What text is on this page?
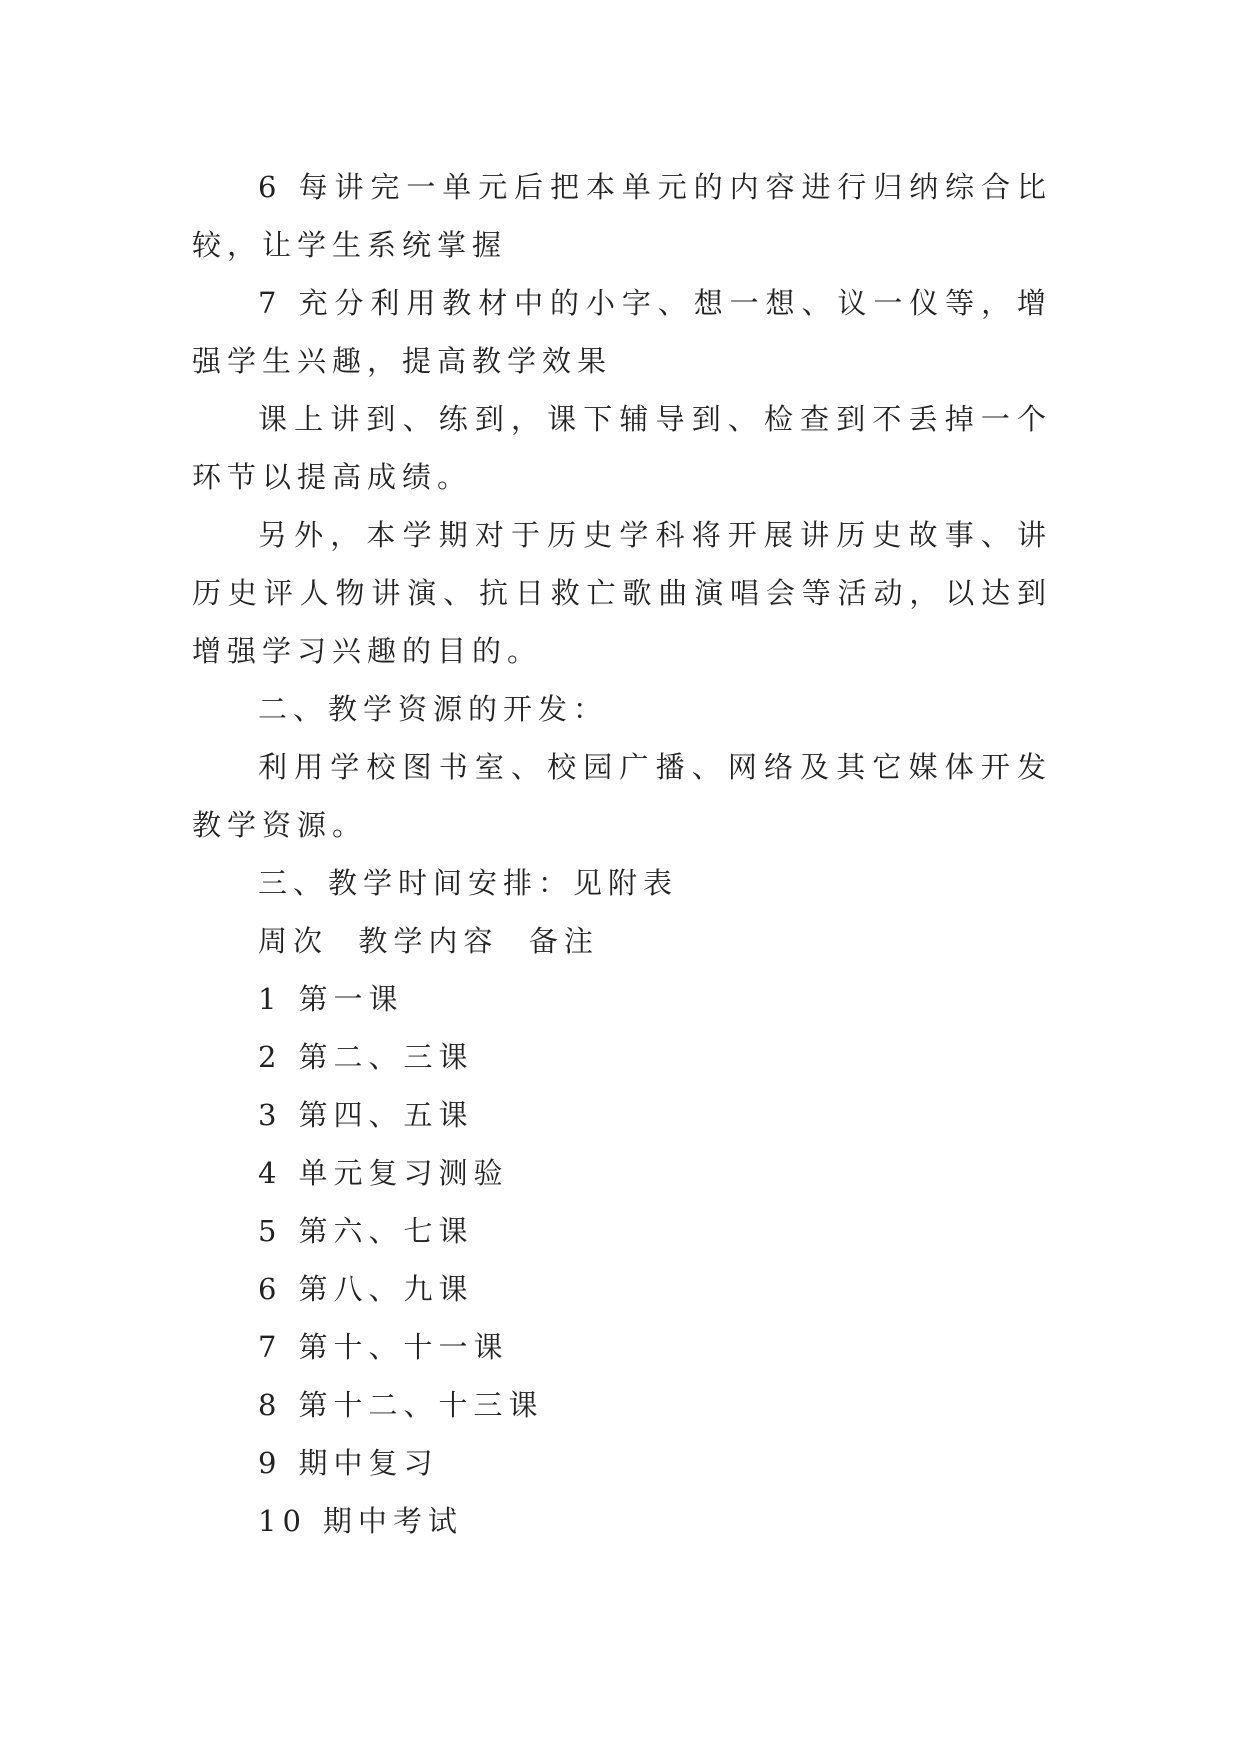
6 每讲完一单元后把本单元的内容进行归纳综合比较，让学生系统掌握

7 充分利用教材中的小字、想一想、议一仪等，增强学生兴趣，提高教学效果

课上讲到、练到，课下辅导到、检查到不丢掉一个环节以提高成绩。

另外，本学期对于历史学科将开展讲历史故事、讲历史评人物讲演、抗日救亡歌曲演唱会等活动，以达到增强学习兴趣的目的。

二、教学资源的开发：

利用学校图书室、校园广播、网络及其它媒体开发教学资源。

三、教学时间安排：见附表

周次  教学内容  备注

1 第一课
2 第二、三课
3 第四、五课
4 单元复习测验
5 第六、七课
6 第八、九课
7 第十、十一课
8 第十二、十三课
9 期中复习
10 期中考试
